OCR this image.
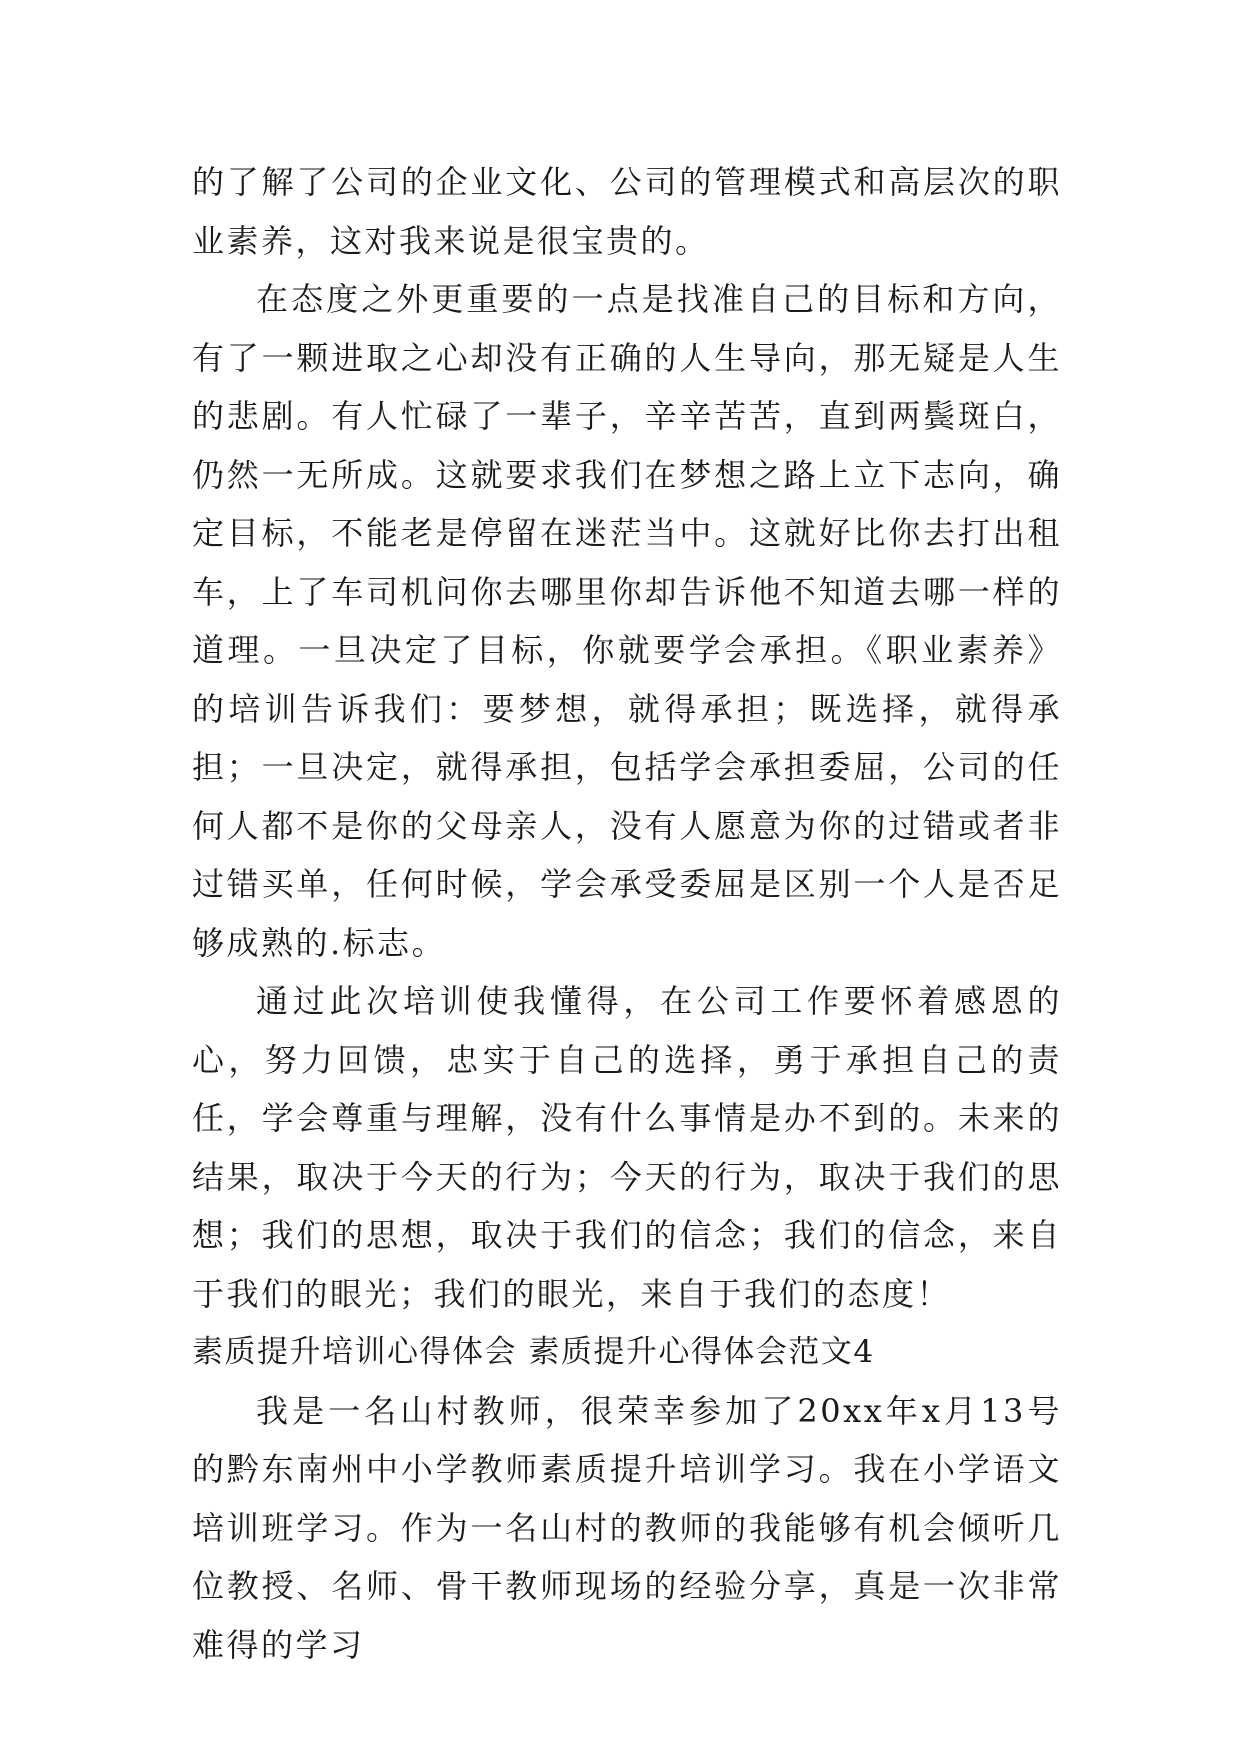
的了解了公司的企业文化、公司的管理模式和高层次的职业素养，这对我来说是很宝贵的。

在态度之外更重要的一点是找准自己的目标和方向，有了一颗进取之心却没有正确的人生导向，那无疑是人生的悲剧。有人忙碌了一辈子，辛辛苦苦，直到两鬓斑白，仍然一无所成。这就要求我们在梦想之路上立下志向，确定目标，不能老是停留在迷茫当中。这就好比你去打出租车，上了车司机问你去哪里你却告诉他不知道去哪一样的道理。一旦决定了目标，你就要学会承担。《职业素养》的培训告诉我们：要梦想，就得承担；既选择，就得承担；一旦决定，就得承担，包括学会承担委屈，公司的任何人都不是你的父母亲人，没有人愿意为你的过错或者非过错买单，任何时候，学会承受委屈是区别一个人是否足够成熟的.标志。

通过此次培训使我懂得，在公司工作要怀着感恩的心，努力回馈，忠实于自己的选择，勇于承担自己的责任，学会尊重与理解，没有什么事情是办不到的。未来的结果，取决于今天的行为；今天的行为，取决于我们的思想；我们的思想，取决于我们的信念；我们的信念，来自于我们的眼光；我们的眼光，来自于我们的态度！

素质提升培训心得体会 素质提升心得体会范文4

我是一名山村教师，很荣幸参加了20xx年x月13号的黔东南州中小学教师素质提升培训学习。我在小学语文培训班学习。作为一名山村的教师的我能够有机会倾听几位教授、名师、骨干教师现场的经验分享，真是一次非常难得的学习
